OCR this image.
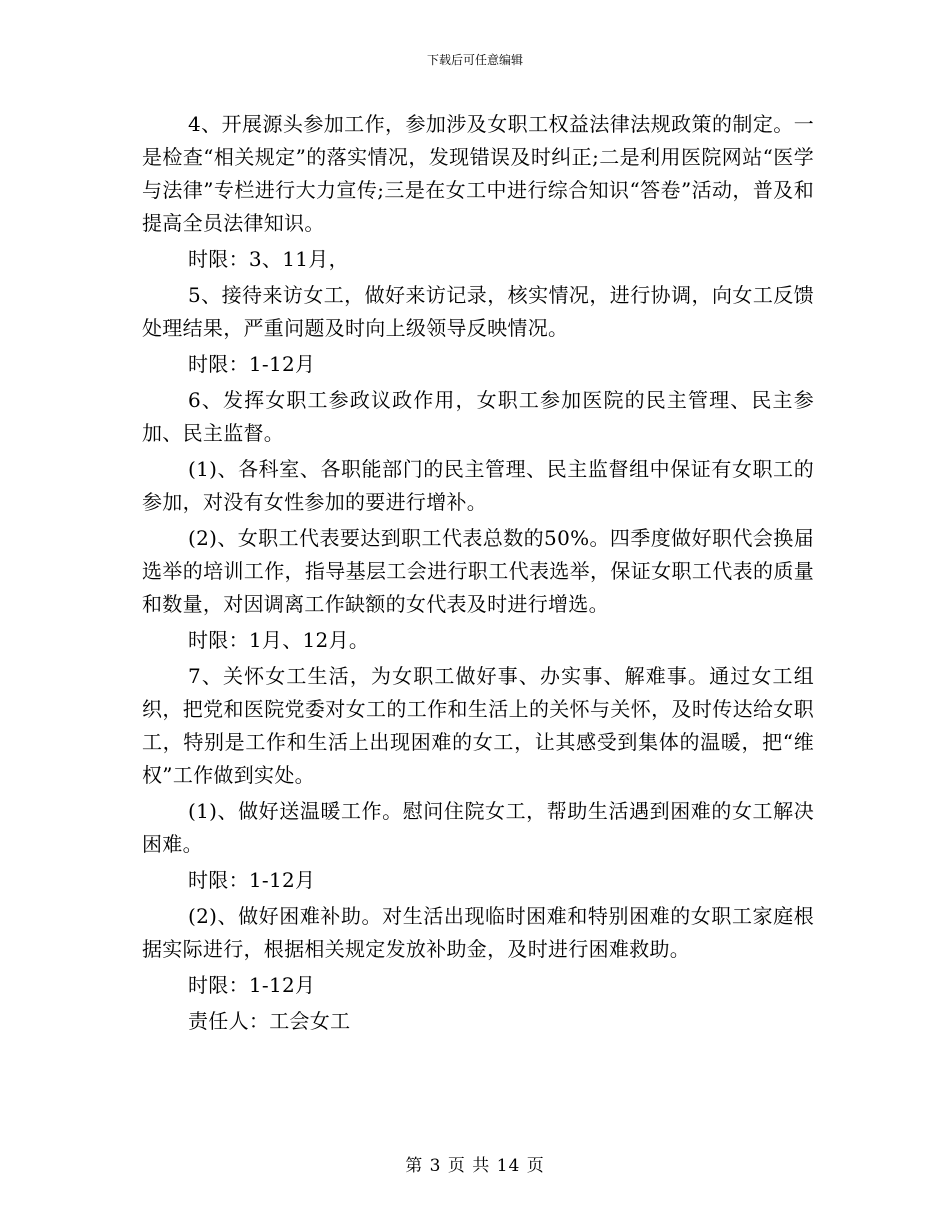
下载后可任意编辑

4、开展源头参加工作，参加涉及女职工权益法律法规政策的制定。一是检查“相关规定”的落实情况，发现错误及时纠正;二是利用医院网站“医学与法律”专栏进行大力宣传;三是在女工中进行综合知识“答卷”活动，普及和提高全员法律知识。

时限：3、11月，

5、接待来访女工，做好来访记录，核实情况，进行协调，向女工反馈处理结果，严重问题及时向上级领导反映情况。

时限：1-12月

6、发挥女职工参政议政作用，女职工参加医院的民主管理、民主参加、民主监督。

(1)、各科室、各职能部门的民主管理、民主监督组中保证有女职工的参加，对没有女性参加的要进行增补。

(2)、女职工代表要达到职工代表总数的50%。四季度做好职代会换届选举的培训工作，指导基层工会进行职工代表选举，保证女职工代表的质量和数量，对因调离工作缺额的女代表及时进行增选。

时限：1月、12月。

7、关怀女工生活，为女职工做好事、办实事、解难事。通过女工组织，把党和医院党委对女工的工作和生活上的关怀与关怀，及时传达给女职工，特别是工作和生活上出现困难的女工，让其感受到集体的温暖，把“维权”工作做到实处。

(1)、做好送温暖工作。慰问住院女工，帮助生活遇到困难的女工解决困难。

时限：1-12月

(2)、做好困难补助。对生活出现临时困难和特别困难的女职工家庭根据实际进行，根据相关规定发放补助金，及时进行困难救助。

时限：1-12月

责任人：工会女工

第 3 页 共 14 页
